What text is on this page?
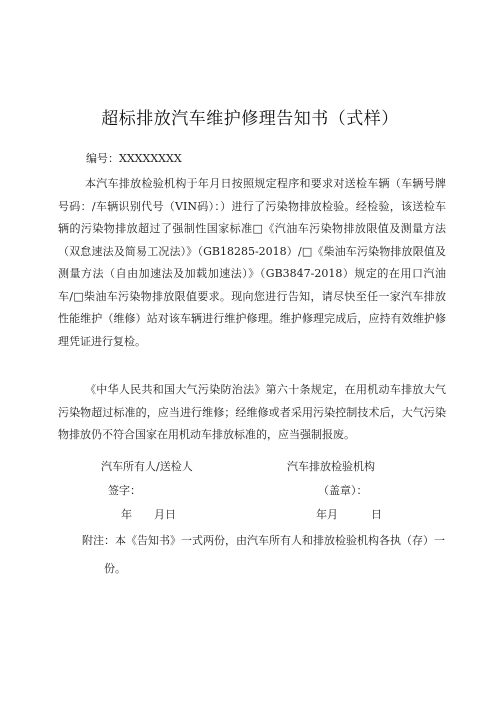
超标排放汽车维护修理告知书（式样）
编号：XXXXXXXX
本汽车排放检验机构于年月日按照规定程序和要求对送检车辆（车辆号牌号码：/车辆识别代号（VIN码）：）进行了污染物排放检验。经检验，该送检车辆的污染物排放超过了强制性国家标准□《汽油车污染物排放限值及测量方法（双怠速法及简易工况法）》（GB18285-2018）/□《柴油车污染物排放限值及测量方法（自由加速法及加载加速法）》（GB3847-2018）规定的在用口汽油车/□柴油车污染物排放限值要求。现向您进行告知，请尽快至任一家汽车排放性能维护（维修）站对该车辆进行维护修理。维护修理完成后，应持有效维护修理凭证进行复检。
《中华人民共和国大气污染防治法》第六十条规定，在用机动车排放大气污染物超过标准的，应当进行维修；经维修或者采用污染控制技术后，大气污染物排放仍不符合国家在用机动车排放标准的，应当强制报废。
汽车所有人/送检人	汽车排放检验机构
签字：	（盖章）：
年　　月日	年月　　　日
附注：本《告知书》一式两份，由汽车所有人和排放检验机构各执（存）一
份。
